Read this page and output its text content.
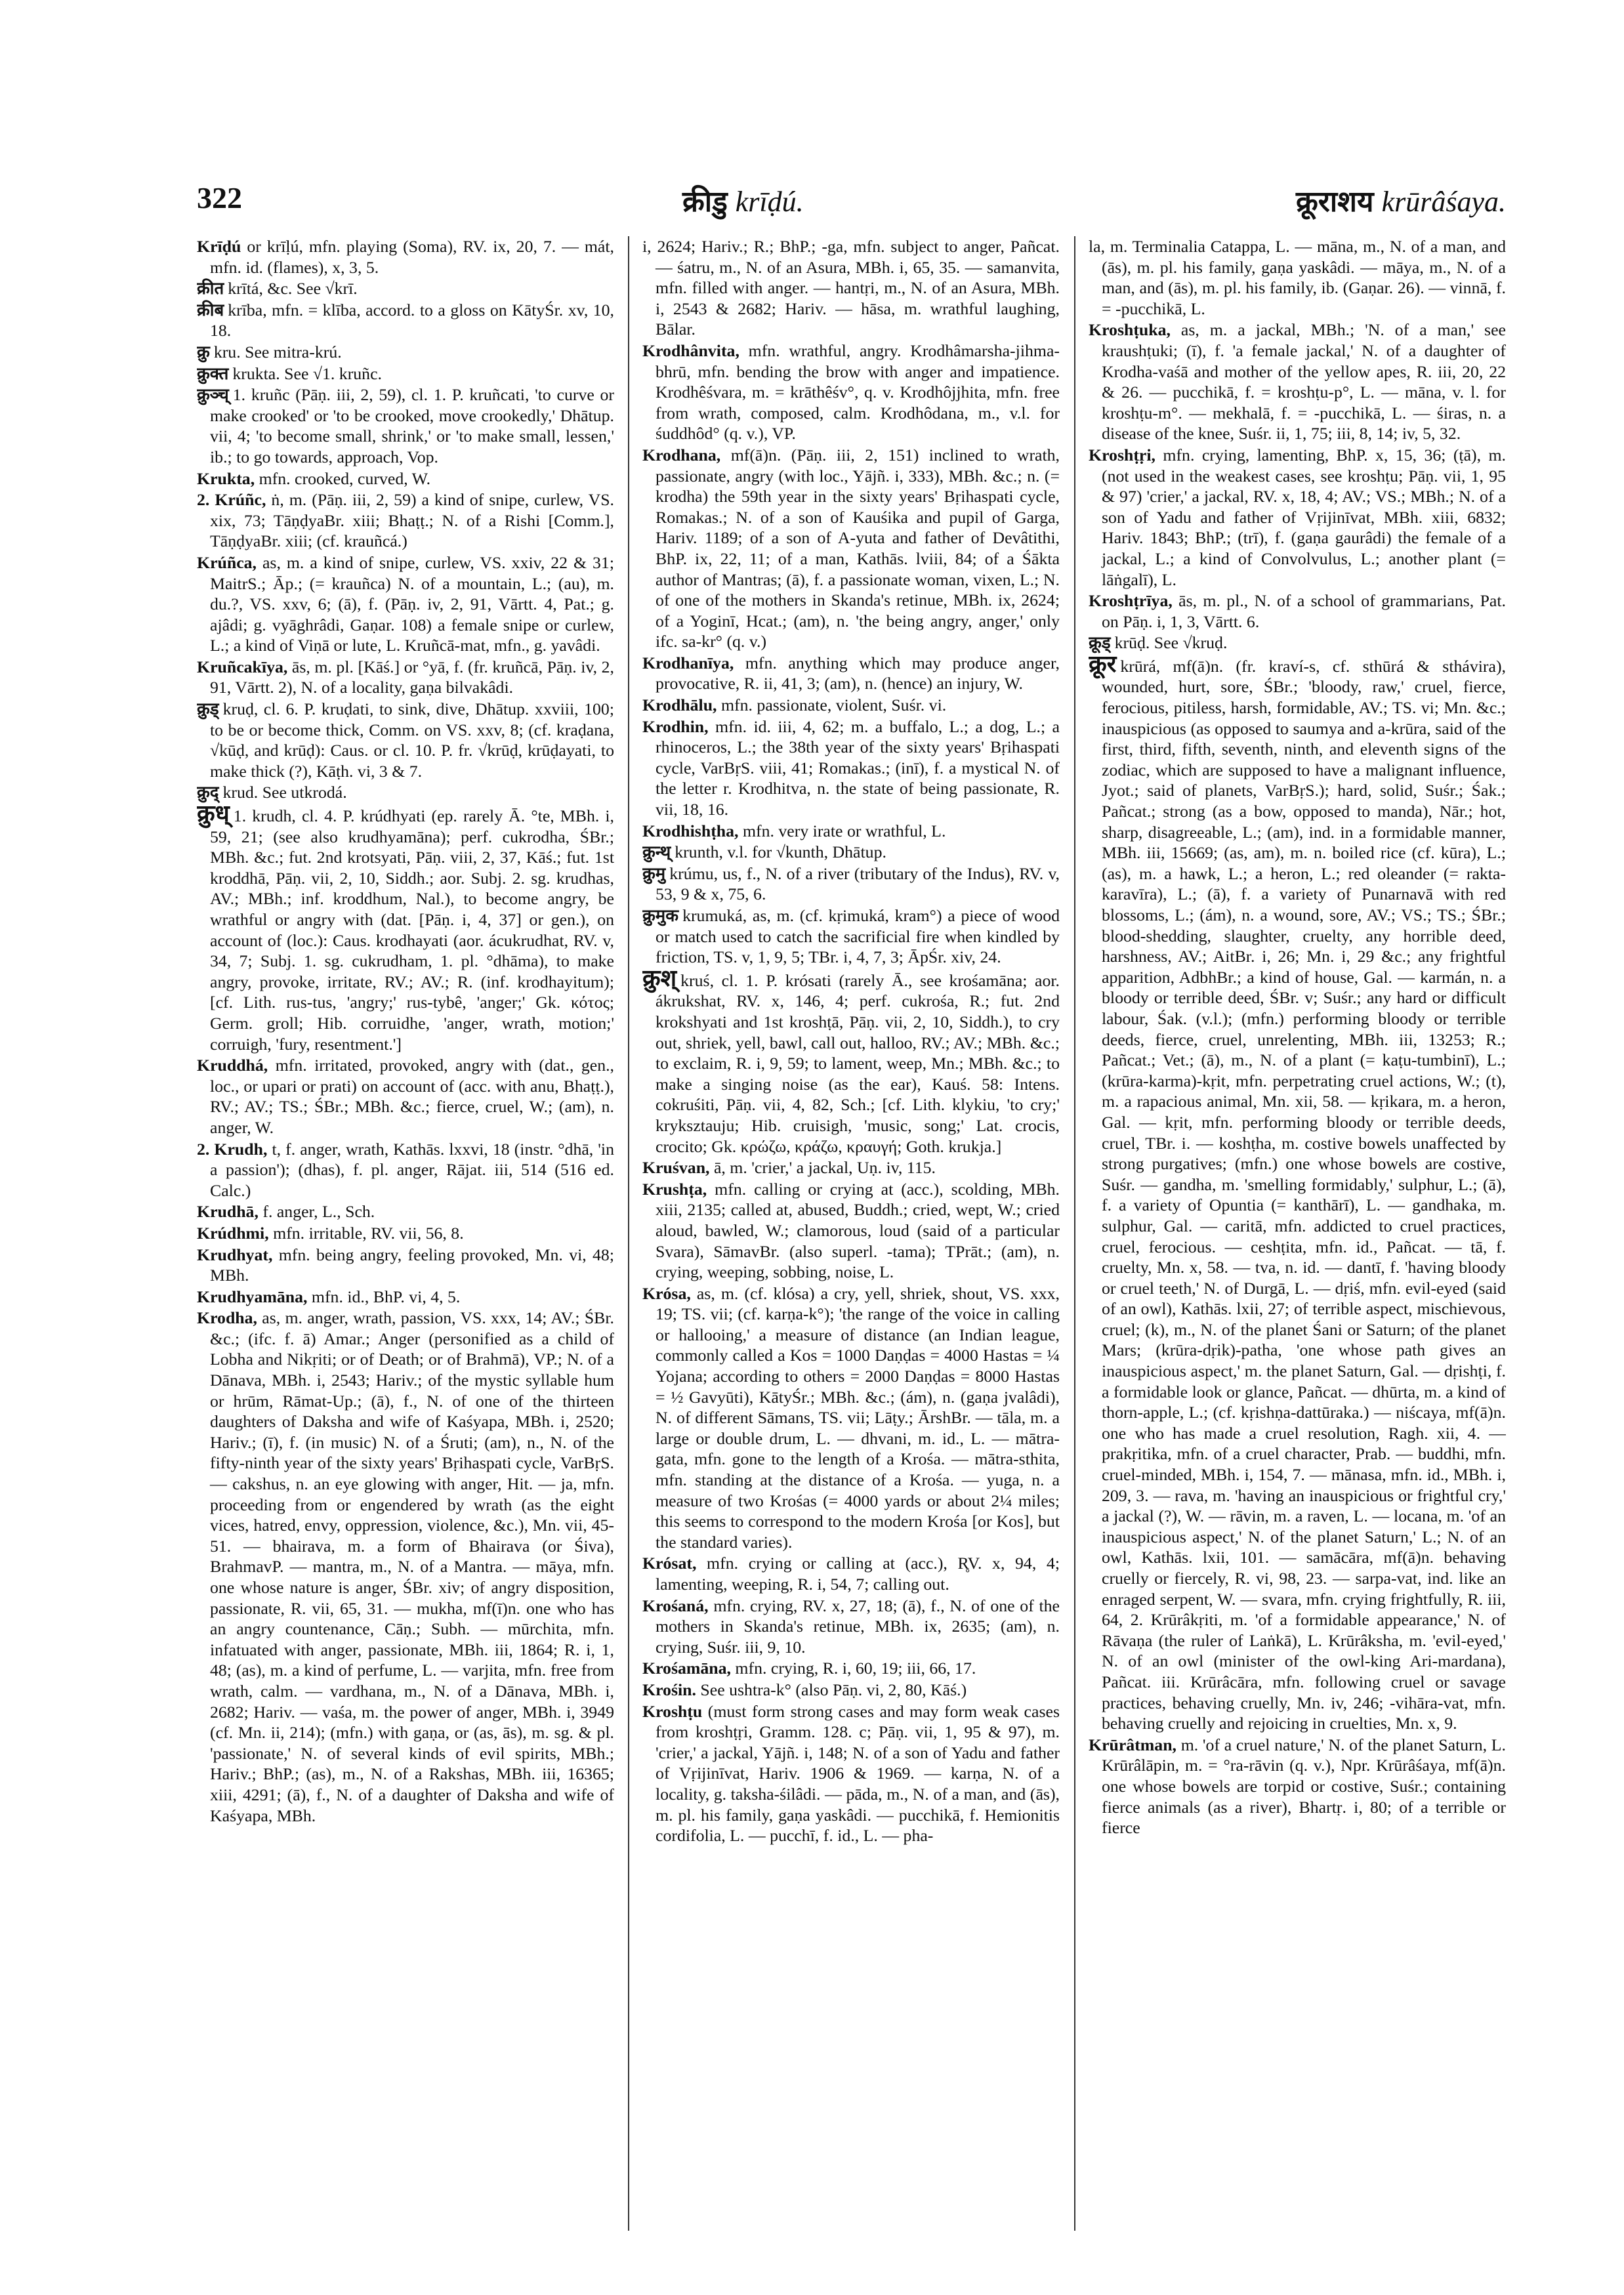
322	क्रीडु krīḍú.	क्रूराशय krūrâśaya.
Krīḍú or krīḷú, mfn. playing (Soma), RV. ix, 20, 7. — mát, mfn. id. (flames), x, 3, 5.
क्रीत krītá, &c. See √krī.
क्रीब krība, mfn. = klība, accord. to a gloss on KātyŚr. xv, 10, 18.
क्रु kru. See mitra-krú.
क्रुक्त krukta. See √1. kruñc.
क्रुञ्च् 1. kruñc (Pāṇ. iii, 2, 59), cl. 1. P. kruñcati, 'to curve or make crooked' or 'to be crooked, move crookedly,' Dhātup. vii, 4; 'to become small, shrink,' or 'to make small, lessen,' ib.; to go towards, approach, Vop.
Krukta, mfn. crooked, curved, W.
2. Krúñc, ṅ, m. (Pāṇ. iii, 2, 59) a kind of snipe, curlew, VS. xix, 73; TāṇḍyaBr. xiii; Bhaṭṭ.; N. of a Rishi [Comm.], TāṇḍyaBr. xiii; (cf. krauñcá.)
Krúñca, as, m. a kind of snipe, curlew, VS. xxiv, 22 & 31; MaitrS.; Āp.; (= krauñca) N. of a mountain, L.; (au), m. du.?, VS. xxv, 6; (ā), f. (Pāṇ. iv, 2, 91, Vārtt. 4, Pat.; g. ajâdi; g. vyāghrâdi, Gaṇar. 108) a female snipe or curlew, L.; a kind of Viṇā or lute, L. Kruñcā-mat, mfn., g. yavâdi.
Kruñcakīya, ās, m. pl. [Kāś.] or °yā, f. (fr. kruñcā, Pāṇ. iv, 2, 91, Vārtt. 2), N. of a locality, gaṇa bilvakâdi.
क्रुड् kruḍ, cl. 6. P. kruḍati, to sink, dive, Dhātup. xxviii, 100; to be or become thick, Comm. on VS. xxv, 8; (cf. kraḍana, √kūḍ, and krūḍ): Caus. or cl. 10. P. fr. √krūḍ, krūḍayati, to make thick (?), Kāṭh. vi, 3 & 7.
क्रुद् krud. See utkrodá.
क्रुध् 1. krudh, cl. 4. P. krúdhyati (ep. rarely Ā. °te, MBh. i, 59, 21; (see also krudhyamāna); perf. cukrodha, ŚBr.; MBh. &c.; fut. 2nd krotsyati, Pāṇ. viii, 2, 37, Kāś.; fut. 1st kroddhā, Pāṇ. vii, 2, 10, Siddh.; aor. Subj. 2. sg. krudhas, AV.; MBh.; inf. kroddhum, Nal.), to become angry, be wrathful or angry with (dat. [Pāṇ. i, 4, 37] or gen.), on account of (loc.): Caus. krodhayati (aor. ácukrudhat, RV. v, 34, 7; Subj. 1. sg. cukrudham, 1. pl. °dhāma), to make angry, provoke, irritate, RV.; AV.; R. (inf. krodhayitum); [cf. Lith. rus-tus, 'angry;' rus-tybê, 'anger;' Gk. κότος; Germ. groll; Hib. corruidhe, 'anger, wrath, motion;' corruigh, 'fury, resentment.']
Kruddhá, mfn. irritated, provoked, angry with (dat., gen., loc., or upari or prati) on account of (acc. with anu, Bhaṭṭ.), RV.; AV.; TS.; ŚBr.; MBh. &c.; fierce, cruel, W.; (am), n. anger, W.
2. Krudh, t, f. anger, wrath, Kathās. lxxvi, 18 (instr. °dhā, 'in a passion'); (dhas), f. pl. anger, Rājat. iii, 514 (516 ed. Calc.)
Krudhā, f. anger, L., Sch.
Krúdhmi, mfn. irritable, RV. vii, 56, 8.
Krudhyat, mfn. being angry, feeling provoked, Mn. vi, 48; MBh.
Krudhyamāna, mfn. id., BhP. vi, 4, 5.
Krodha, as, m. anger, wrath, passion, VS. xxx, 14; AV.; ŚBr. &c.; (ifc. f. ā) Amar.; Anger (personified as a child of Lobha and Nikṛiti; or of Death; or of Brahmā), VP.; N. of a Dānava, MBh. i, 2543; Hariv.; of the mystic syllable hum or hrūm, Rāmat-Up.; (ā), f., N. of one of the thirteen daughters of Daksha and wife of Kaśyapa, MBh. i, 2520; Hariv.; (ī), f. (in music) N. of a Śruti; (am), n., N. of the fifty-ninth year of the sixty years' Bṛihaspati cycle, VarBṛS. — cakshus, n. an eye glowing with anger, Hit. — ja, mfn. proceeding from or engendered by wrath (as the eight vices, hatred, envy, oppression, violence, &c.), Mn. vii, 45-51. — bhairava, m. a form of Bhairava (or Śiva), BrahmavP. — mantra, m., N. of a Mantra. — māya, mfn. one whose nature is anger, ŚBr. xiv; of angry disposition, passionate, R. vii, 65, 31. — mukha, mf(ī)n. one who has an angry countenance, Cāṇ.; Subh. — mūrchita, mfn. infatuated with anger, passionate, MBh. iii, 1864; R. i, 1, 48; (as), m. a kind of perfume, L. — varjita, mfn. free from wrath, calm. — vardhana, m., N. of a Dānava, MBh. i, 2682; Hariv. — vaśa, m. the power of anger, MBh. i, 3949 (cf. Mn. ii, 214); (mfn.) with gaṇa, or (as, ās), m. sg. & pl. 'passionate,' N. of several kinds of evil spirits, MBh.; Hariv.; BhP.; (as), m., N. of a Rakshas, MBh. iii, 16365; xiii, 4291; (ā), f., N. of a daughter of Daksha and wife of Kaśyapa, MBh.
i, 2624; Hariv.; R.; BhP.; -ga, mfn. subject to anger, Pañcat. — śatru, m., N. of an Asura, MBh. i, 65, 35. — samanvita, mfn. filled with anger. — hantṛi, m., N. of an Asura, MBh. i, 2543 & 2682; Hariv. — hāsa, m. wrathful laughing, Bālar.
Krodhânvita, mfn. wrathful, angry. Krodhâmarsha-jihma-bhrū, mfn. bending the brow with anger and impatience. Krodhêśvara, m. = krāthêśv°, q. v. Krodhôjjhita, mfn. free from wrath, composed, calm. Krodhôdana, m., v.l. for śuddhôd° (q. v.), VP.
Krodhana, mf(ā)n. (Pāṇ. iii, 2, 151) inclined to wrath, passionate, angry (with loc., Yājñ. i, 333), MBh. &c.; n. (= krodha) the 59th year in the sixty years' Bṛihaspati cycle, Romakas.; N. of a son of Kauśika and pupil of Garga, Hariv. 1189; of a son of A-yuta and father of Devâtithi, BhP. ix, 22, 11; of a man, Kathās. lviii, 84; of a Śākta author of Mantras; (ā), f. a passionate woman, vixen, L.; N. of one of the mothers in Skanda's retinue, MBh. ix, 2624; of a Yoginī, Hcat.; (am), n. 'the being angry, anger,' only ifc. sa-kr° (q. v.)
Krodhanīya, mfn. anything which may produce anger, provocative, R. ii, 41, 3; (am), n. (hence) an injury, W.
Krodhālu, mfn. passionate, violent, Suśr. vi.
Krodhin, mfn. id. iii, 4, 62; m. a buffalo, L.; a dog, L.; a rhinoceros, L.; the 38th year of the sixty years' Bṛihaspati cycle, VarBṛS. viii, 41; Romakas.; (inī), f. a mystical N. of the letter r. Krodhitva, n. the state of being passionate, R. vii, 18, 16.
Krodhishṭha, mfn. very irate or wrathful, L.
क्रुन्थ् krunth, v.l. for √kunth, Dhātup.
क्रुमु krúmu, us, f., N. of a river (tributary of the Indus), RV. v, 53, 9 & x, 75, 6.
क्रुमुक krumuká, as, m. (cf. kṛimuká, kram°) a piece of wood or match used to catch the sacrificial fire when kindled by friction, TS. v, 1, 9, 5; TBr. i, 4, 7, 3; ĀpŚr. xiv, 24.
क्रुश् kruś, cl. 1. P. krósati (rarely Ā., see krośamāna; aor. ákrukshat, RV. x, 146, 4; perf. cukrośa, R.; fut. 2nd krokshyati and 1st kroshṭā, Pāṇ. vii, 2, 10, Siddh.), to cry out, shriek, yell, bawl, call out, halloo, RV.; AV.; MBh. &c.; to exclaim, R. i, 9, 59; to lament, weep, Mn.; MBh. &c.; to make a singing noise (as the ear), Kauś. 58: Intens. cokruśiti, Pāṇ. vii, 4, 82, Sch.; [cf. Lith. klykiu, 'to cry;' kryksztauju; Hib. cruisigh, 'music, song;' Lat. crocis, crocito; Gk. κρώζω, κράζω, κραυγή; Goth. krukja.]
Kruśvan, ā, m. 'crier,' a jackal, Uṇ. iv, 115.
Krushṭa, mfn. calling or crying at (acc.), scolding, MBh. xiii, 2135; called at, abused, Buddh.; cried, wept, W.; cried aloud, bawled, W.; clamorous, loud (said of a particular Svara), SāmavBr. (also superl. -tama); TPrāt.; (am), n. crying, weeping, sobbing, noise, L.
Krósa, as, m. (cf. klósa) a cry, yell, shriek, shout, VS. xxx, 19; TS. vii; (cf. karṇa-k°); 'the range of the voice in calling or hallooing,' a measure of distance (an Indian league, commonly called a Kos = 1000 Daṇḍas = 4000 Hastas = ¼ Yojana; according to others = 2000 Daṇḍas = 8000 Hastas = ½ Gavyūti), KātyŚr.; MBh. &c.; (ám), n. (gaṇa jvalâdi), N. of different Sāmans, TS. vii; Lāṭy.; ĀrshBr. — tāla, m. a large or double drum, L. — dhvani, m. id., L. — mātra-gata, mfn. gone to the length of a Krośa. — mātra-sthita, mfn. standing at the distance of a Krośa. — yuga, n. a measure of two Krośas (= 4000 yards or about 2¼ miles; this seems to correspond to the modern Krośa [or Kos], but the standard varies).
Krósat, mfn. crying or calling at (acc.), R̥V. x, 94, 4; lamenting, weeping, R. i, 54, 7; calling out.
Krośaná, mfn. crying, RV. x, 27, 18; (ā), f., N. of one of the mothers in Skanda's retinue, MBh. ix, 2635; (am), n. crying, Suśr. iii, 9, 10.
Krośamāna, mfn. crying, R. i, 60, 19; iii, 66, 17.
Krośin. See ushtra-k° (also Pāṇ. vi, 2, 80, Kāś.)
Kroshṭu (must form strong cases and may form weak cases from kroshṭṛi, Gramm. 128. c; Pāṇ. vii, 1, 95 & 97), m. 'crier,' a jackal, Yājñ. i, 148; N. of a son of Yadu and father of Vṛijinīvat, Hariv. 1906 & 1969. — karṇa, N. of a locality, g. taksha-śilâdi. — pāda, m., N. of a man, and (ās), m. pl. his family, gaṇa yaskâdi. — pucchikā, f. Hemionitis cordifolia, L. — pucchī, f. id., L. — pha-
la, m. Terminalia Catappa, L. — māna, m., N. of a man, and (ās), m. pl. his family, gaṇa yaskâdi. — māya, m., N. of a man, and (ās), m. pl. his family, ib. (Gaṇar. 26). — vinnā, f. = -pucchikā, L.
Kroshṭuka, as, m. a jackal, MBh.; 'N. of a man,' see kraushṭuki; (ī), f. 'a female jackal,' N. of a daughter of Krodha-vaśā and mother of the yellow apes, R. iii, 20, 22 & 26. — pucchikā, f. = kroshṭu-p°, L. — māna, v. l. for kroshṭu-m°. — mekhalā, f. = -pucchikā, L. — śiras, n. a disease of the knee, Suśr. ii, 1, 75; iii, 8, 14; iv, 5, 32.
Kroshṭṛi, mfn. crying, lamenting, BhP. x, 15, 36; (ṭā), m. (not used in the weakest cases, see kroshṭu; Pāṇ. vii, 1, 95 & 97) 'crier,' a jackal, RV. x, 18, 4; AV.; VS.; MBh.; N. of a son of Yadu and father of Vṛijinīvat, MBh. xiii, 6832; Hariv. 1843; BhP.; (trī), f. (gaṇa gaurâdi) the female of a jackal, L.; a kind of Convolvulus, L.; another plant (= lāṅgalī), L.
Kroshṭrīya, ās, m. pl., N. of a school of grammarians, Pat. on Pāṇ. i, 1, 3, Vārtt. 6.
क्रूड् krūḍ. See √kruḍ.
क्रूर krūrá, mf(ā)n. (fr. kraví-s, cf. sthūrá & sthávira), wounded, hurt, sore, ŚBr.; 'bloody, raw,' cruel, fierce, ferocious, pitiless, harsh, formidable, AV.; TS. vi; Mn. &c.; inauspicious (as opposed to saumya and a-krūra, said of the first, third, fifth, seventh, ninth, and eleventh signs of the zodiac, which are supposed to have a malignant influence, Jyot.; said of planets, VarBṛS.); hard, solid, Suśr.; Śak.; Pañcat.; strong (as a bow, opposed to manda), Nār.; hot, sharp, disagreeable, L.; (am), ind. in a formidable manner, MBh. iii, 15669; (as, am), m. n. boiled rice (cf. kūra), L.; (as), m. a hawk, L.; a heron, L.; red oleander (= rakta-karavīra), L.; (ā), f. a variety of Punarnavā with red blossoms, L.; (ám), n. a wound, sore, AV.; VS.; TS.; ŚBr.; blood-shedding, slaughter, cruelty, any horrible deed, harshness, AV.; AitBr. i, 26; Mn. i, 29 &c.; any frightful apparition, AdbhBr.; a kind of house, Gal. — karmán, n. a bloody or terrible deed, ŚBr. v; Suśr.; any hard or difficult labour, Śak. (v.l.); (mfn.) performing bloody or terrible deeds, fierce, cruel, unrelenting, MBh. iii, 13253; R.; Pañcat.; Vet.; (ā), m., N. of a plant (= kaṭu-tumbinī), L.; (krūra-karma)-kṛit, mfn. perpetrating cruel actions, W.; (t), m. a rapacious animal, Mn. xii, 58. — kṛikara, m. a heron, Gal. — kṛit, mfn. performing bloody or terrible deeds, cruel, TBr. i. — koshṭha, m. costive bowels unaffected by strong purgatives; (mfn.) one whose bowels are costive, Suśr. — gandha, m. 'smelling formidably,' sulphur, L.; (ā), f. a variety of Opuntia (= kanthārī), L. — gandhaka, m. sulphur, Gal. — caritā, mfn. addicted to cruel practices, cruel, ferocious. — ceshṭita, mfn. id., Pañcat. — tā, f. cruelty, Mn. x, 58. — tva, n. id. — dantī, f. 'having bloody or cruel teeth,' N. of Durgā, L. — dṛiś, mfn. evil-eyed (said of an owl), Kathās. lxii, 27; of terrible aspect, mischievous, cruel; (k), m., N. of the planet Śani or Saturn; of the planet Mars; (krūra-dṛik)-patha, 'one whose path gives an inauspicious aspect,' m. the planet Saturn, Gal. — dṛishṭi, f. a formidable look or glance, Pañcat. — dhūrta, m. a kind of thorn-apple, L.; (cf. kṛishṇa-dattūraka.) — niścaya, mf(ā)n. one who has made a cruel resolution, Ragh. xii, 4. — prakṛitika, mfn. of a cruel character, Prab. — buddhi, mfn. cruel-minded, MBh. i, 154, 7. — mānasa, mfn. id., MBh. i, 209, 3. — rava, m. 'having an inauspicious or frightful cry,' a jackal (?), W. — rāvin, m. a raven, L. — locana, m. 'of an inauspicious aspect,' N. of the planet Saturn,' L.; N. of an owl, Kathās. lxii, 101. — samācāra, mf(ā)n. behaving cruelly or fiercely, R. vi, 98, 23. — sarpa-vat, ind. like an enraged serpent, W. — svara, mfn. crying frightfully, R. iii, 64, 2. Krūrâkṛiti, m. 'of a formidable appearance,' N. of Rāvaṇa (the ruler of Laṅkā), L. Krūrâksha, m. 'evil-eyed,' N. of an owl (minister of the owl-king Ari-mardana), Pañcat. iii. Krūrâcāra, mfn. following cruel or savage practices, behaving cruelly, Mn. iv, 246; -vihāra-vat, mfn. behaving cruelly and rejoicing in cruelties, Mn. x, 9.
Krūrâtman, m. 'of a cruel nature,' N. of the planet Saturn, L. Krūrâlāpin, m. = °ra-rāvin (q. v.), Npr. Krūrâśaya, mf(ā)n. one whose bowels are torpid or costive, Suśr.; containing fierce animals (as a river), Bhartṛ. i, 80; of a terrible or fierce
